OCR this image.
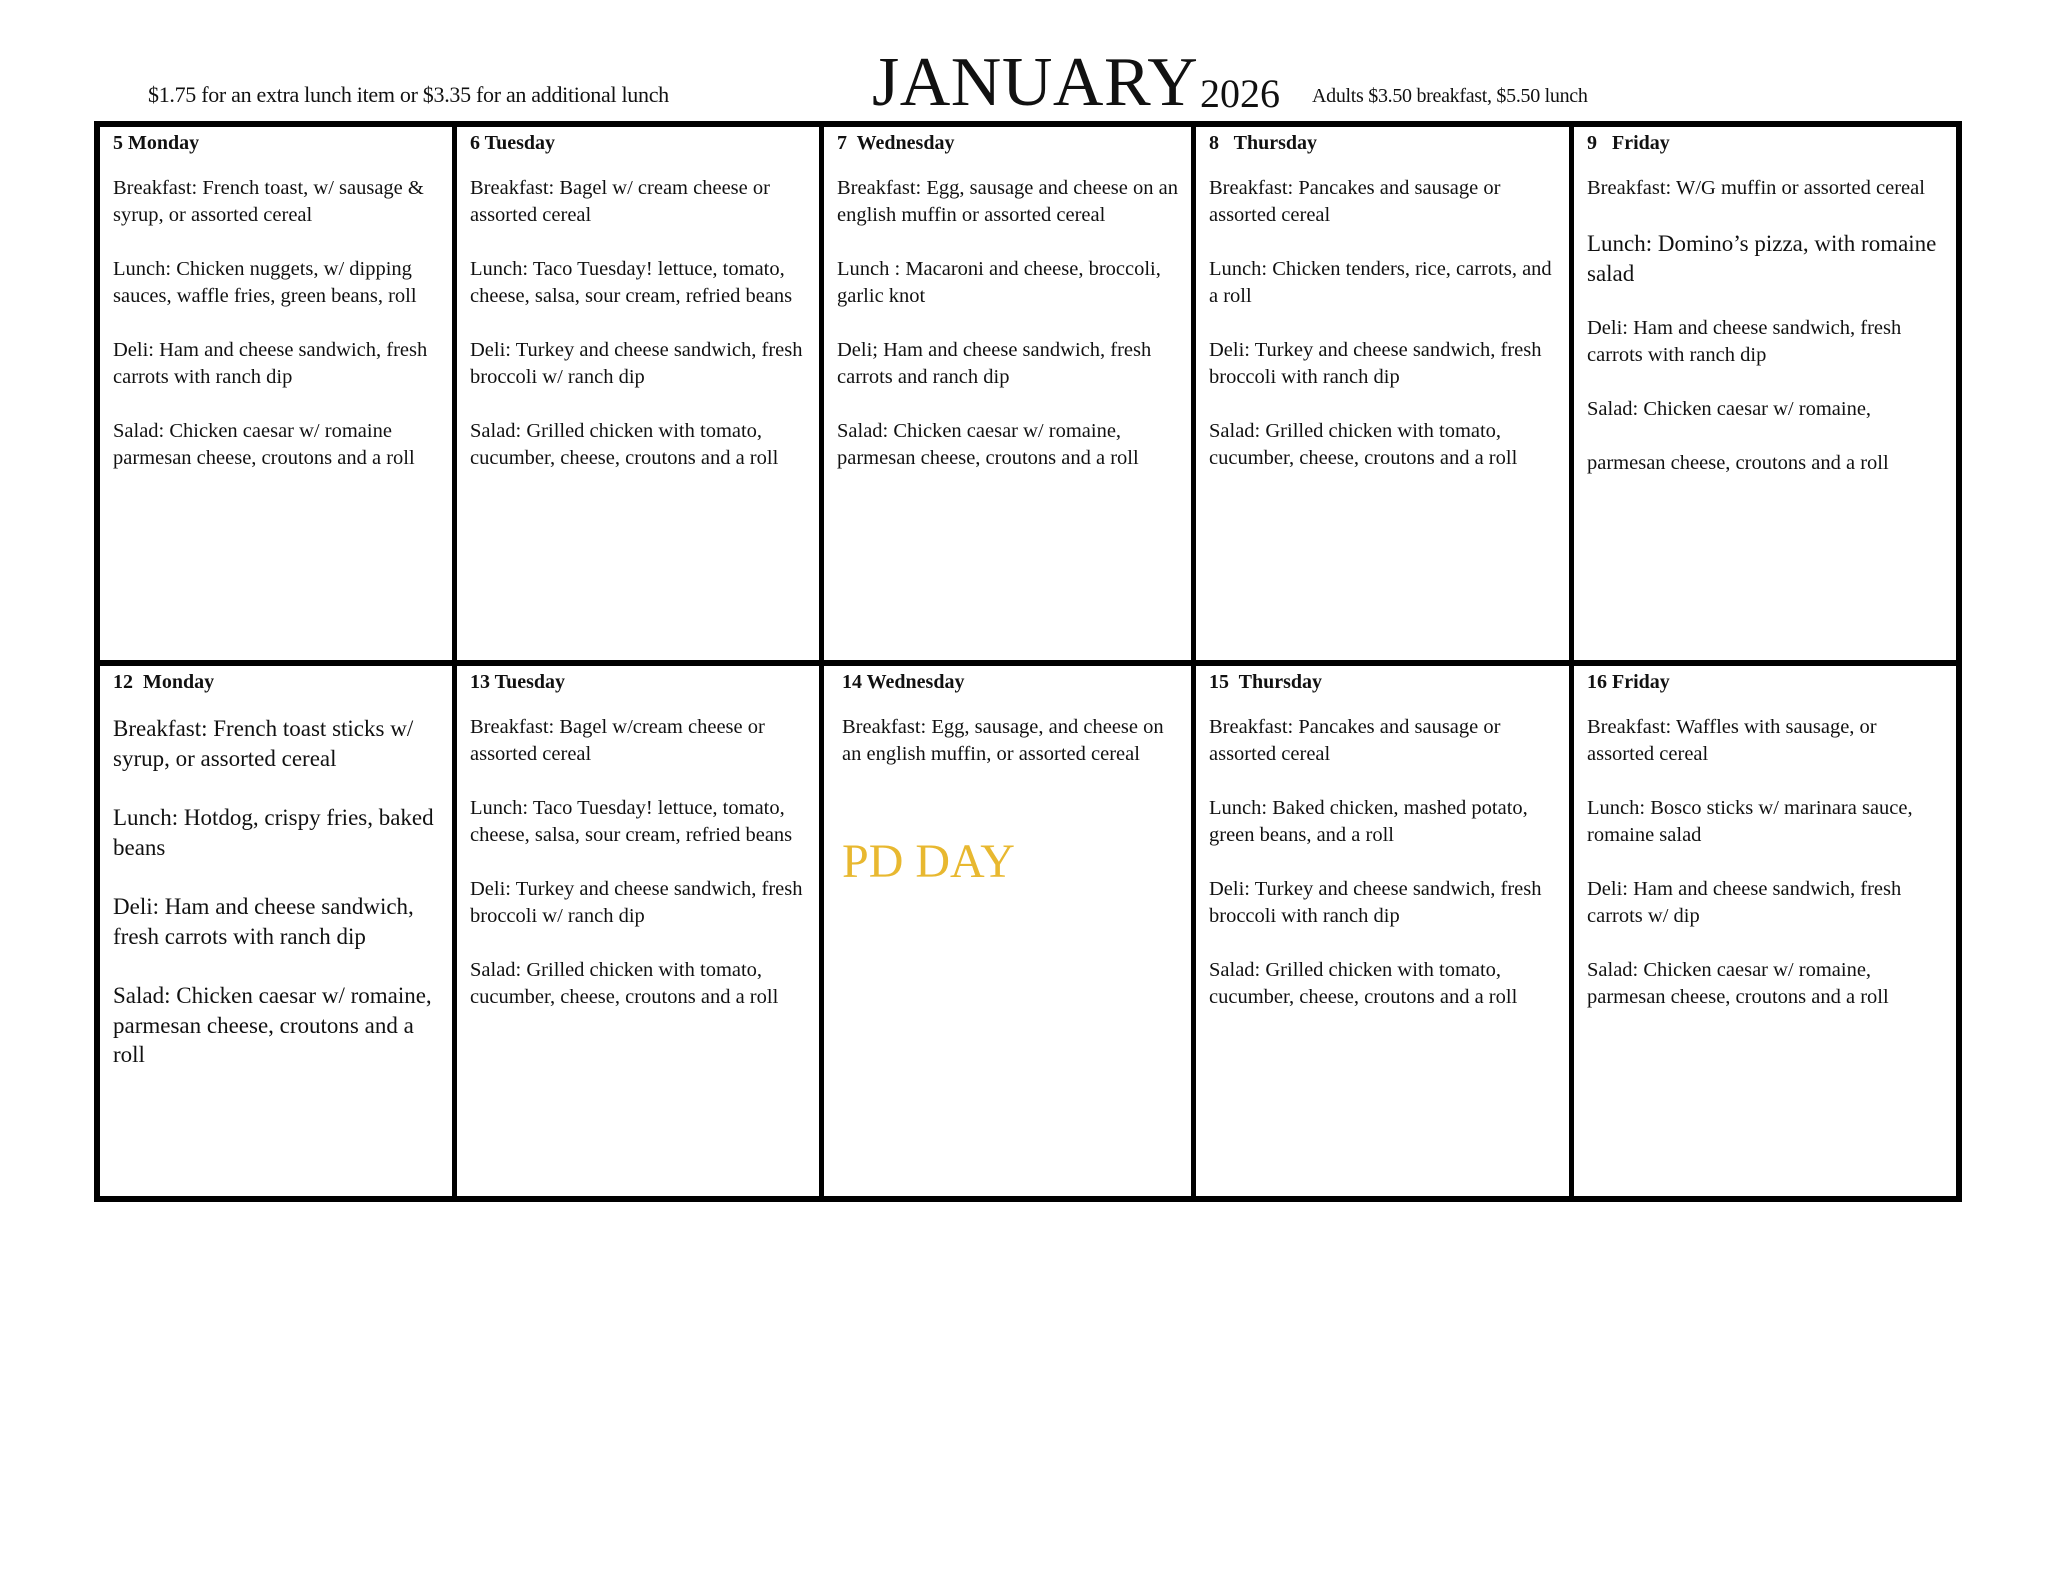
$1.75 for an extra lunch item or $3.35 for an additional lunch	JANUARY 2026 Adults $3.50 breakfast, $5.50 lunch
5 Monday
Breakfast: French toast, w/ sausage & syrup, or assorted cereal
Lunch: Chicken nuggets, w/ dipping sauces, waffle fries, green beans, roll
Deli: Ham and cheese sandwich, fresh carrots with ranch dip
Salad: Chicken caesar w/ romaine parmesan cheese, croutons and a roll
6 Tuesday
Breakfast: Bagel w/ cream cheese or assorted cereal
Lunch: Taco Tuesday! lettuce, tomato, cheese, salsa, sour cream, refried beans
Deli: Turkey and cheese sandwich, fresh broccoli w/ ranch dip
Salad: Grilled chicken with tomato, cucumber, cheese, croutons and a roll
7  Wednesday
Breakfast: Egg, sausage and cheese on an english muffin or assorted cereal
Lunch : Macaroni and cheese, broccoli, garlic knot
Deli; Ham and cheese sandwich, fresh carrots and ranch dip
Salad: Chicken caesar w/ romaine, parmesan cheese, croutons and a roll
8   Thursday
Breakfast: Pancakes and sausage or assorted cereal
Lunch: Chicken tenders, rice, carrots, and a roll
Deli: Turkey and cheese sandwich, fresh broccoli with ranch dip
Salad: Grilled chicken with tomato, cucumber, cheese, croutons and a roll
9   Friday
Breakfast: W/G muffin or assorted cereal
Lunch: Domino’s pizza, with romaine salad
Deli: Ham and cheese sandwich, fresh carrots with ranch dip
Salad: Chicken caesar w/ romaine,
parmesan cheese, croutons and a roll
12  Monday
Breakfast: French toast sticks w/ syrup, or assorted cereal
Lunch: Hotdog, crispy fries, baked beans
Deli: Ham and cheese sandwich, fresh carrots with ranch dip
Salad: Chicken caesar w/ romaine, parmesan cheese, croutons and a roll
13 Tuesday
Breakfast: Bagel w/cream cheese or assorted cereal
Lunch: Taco Tuesday! lettuce, tomato, cheese, salsa, sour cream, refried beans
Deli: Turkey and cheese sandwich, fresh broccoli w/ ranch dip
Salad: Grilled chicken with tomato, cucumber, cheese, croutons and a roll
14 Wednesday
Breakfast: Egg, sausage, and cheese on an english muffin, or assorted cereal
PD DAY
15  Thursday
Breakfast: Pancakes and sausage or assorted cereal
Lunch: Baked chicken, mashed potato, green beans, and a roll
Deli: Turkey and cheese sandwich, fresh broccoli with ranch dip
Salad: Grilled chicken with tomato, cucumber, cheese, croutons and a roll
16 Friday
Breakfast: Waffles with sausage, or assorted cereal
Lunch: Bosco sticks w/ marinara sauce, romaine salad
Deli: Ham and cheese sandwich, fresh carrots w/ dip
Salad: Chicken caesar w/ romaine, parmesan cheese, croutons and a roll
